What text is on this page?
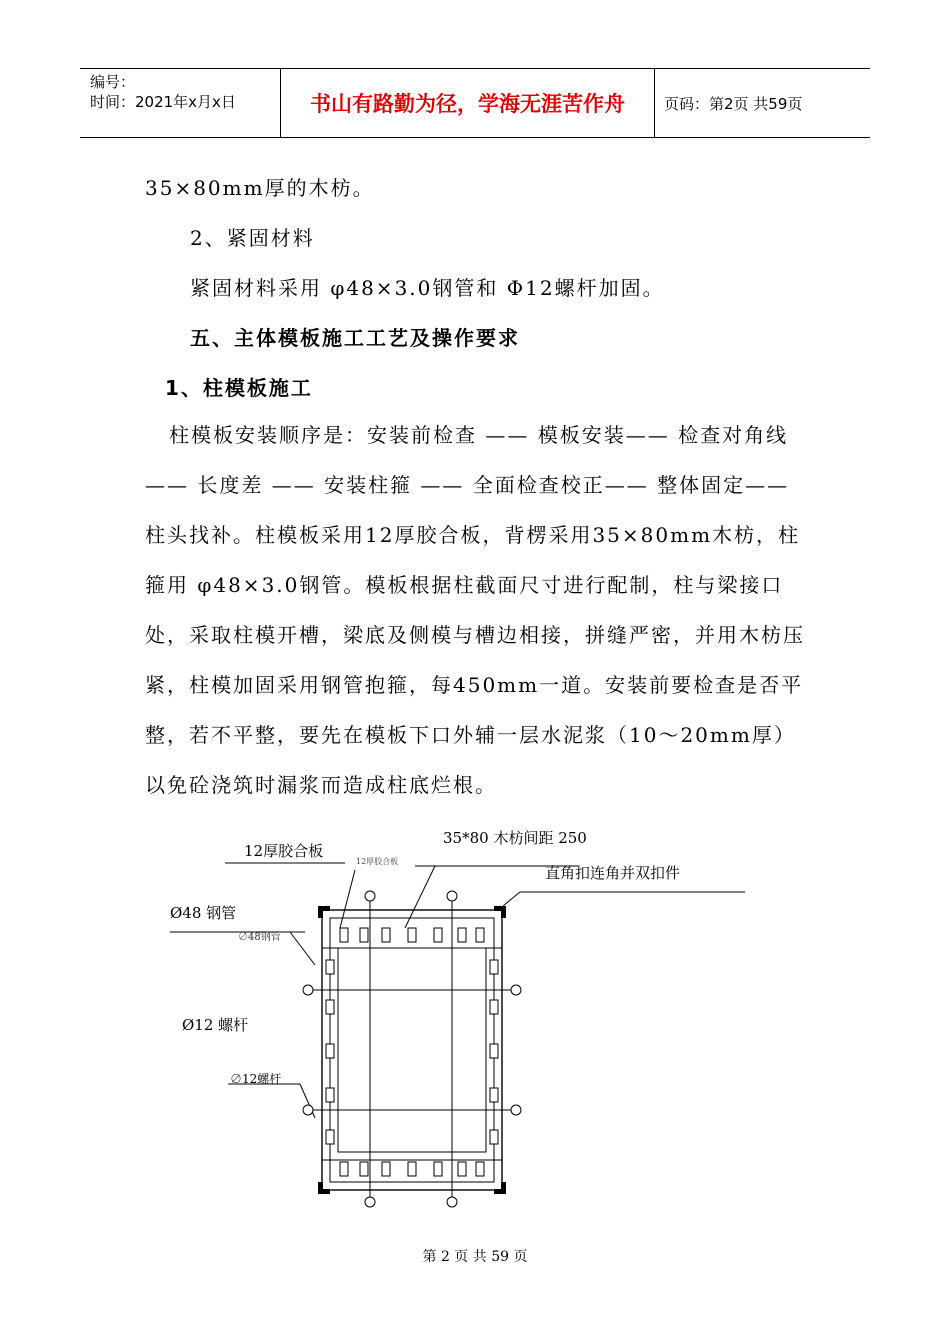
编号：
时间：2021年x月x日	书山有路勤为径，学海无涯苦作舟	页码：第2页 共59页
35×80mm厚的木枋。
2、紧固材料
紧固材料采用 φ48×3.0钢管和 Φ12螺杆加固。
五、主体模板施工工艺及操作要求
1、柱模板施工
柱模板安装顺序是：安装前检查 —— 模板安装—— 检查对角线—— 长度差 —— 安装柱箍 —— 全面检查校正—— 整体固定—— 柱头找补。柱模板采用12厚胶合板，背楞采用35×80mm木枋，柱箍用 φ48×3.0钢管。模板根据柱截面尺寸进行配制，柱与梁接口处，采取柱模开槽，梁底及侧模与槽边相接，拼缝严密，并用木枋压紧，柱模加固采用钢管抱箍，每450mm一道。安装前要检查是否平整，若不平整，要先在模板下口外辅一层水泥浆（10～20mm厚）以免砼浇筑时漏浆而造成柱底烂根。
12厚胶合板
12厚胶合板
35*80 木枋间距 250
直角扣连角并双扣件
Ø48 钢管
∅48钢管
Ø12 螺杆
∅12螺杆
第 2 页 共 59 页
